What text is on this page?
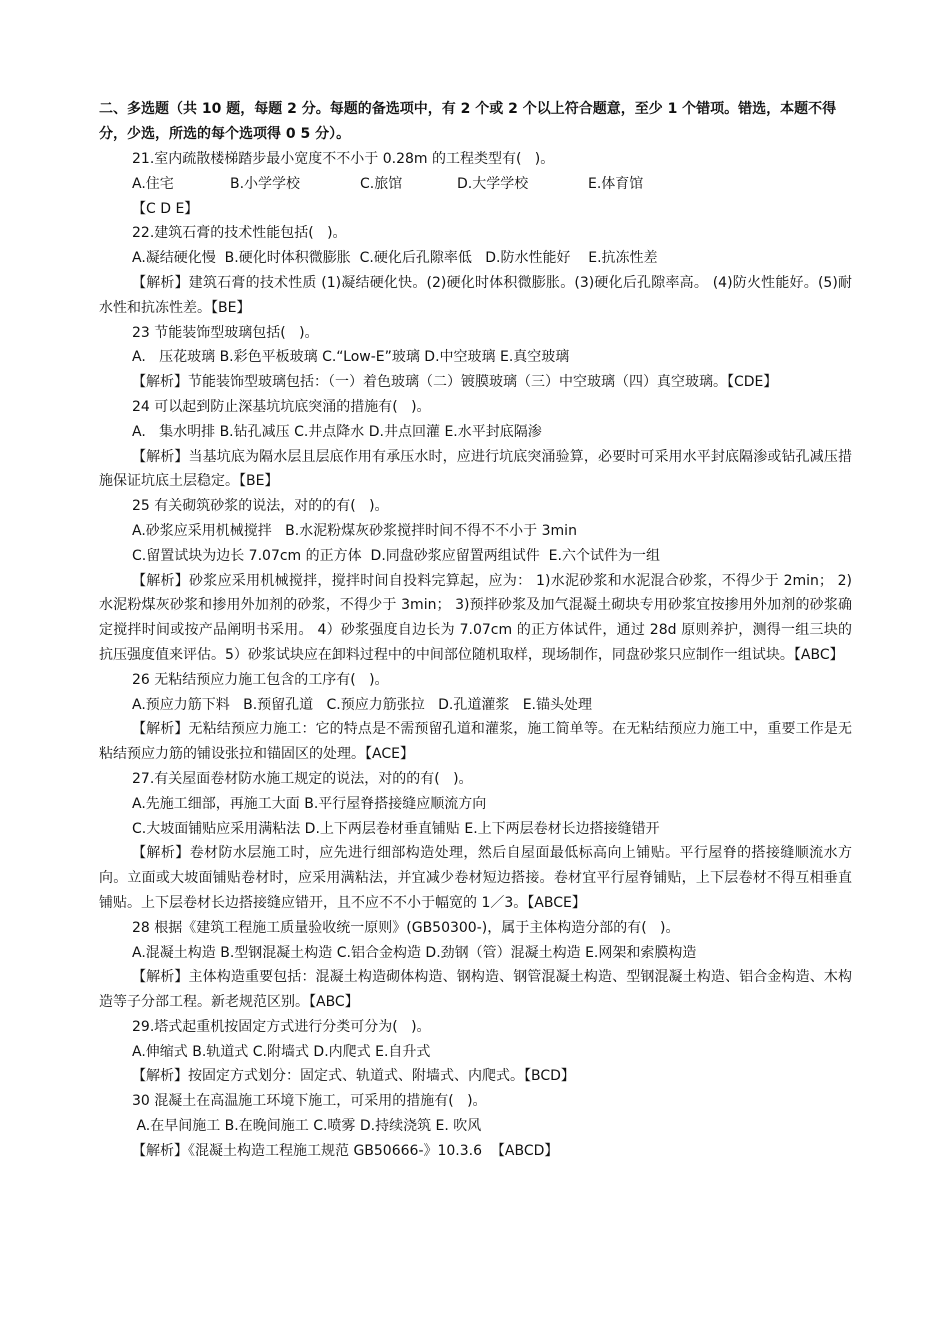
二、多选题（共 10 题，每题 2 分。每题的备选项中，有 2 个或 2 个以上符合题意，至少 1 个错项。错选，本题不得分，少选，所选的每个选项得 0 5 分）。

21.室内疏散楼梯踏步最小宽度不不小于 0.28m 的工程类型有(   )。

A.住宅	B.小学学校	C.旅馆	D.大学学校	E.体育馆

【C D E】

22.建筑石膏的技术性能包括(   )。

A.凝结硬化慢  B.硬化时体积微膨胀  C.硬化后孔隙率低   D.防水性能好    E.抗冻性差

【解析】建筑石膏的技术性质 (1)凝结硬化快。(2)硬化时体积微膨胀。(3)硬化后孔隙率高。 (4)防火性能好。(5)耐水性和抗冻性差。【BE】

23 节能装饰型玻璃包括(   )。

A.   压花玻璃 B.彩色平板玻璃 C.“Low-E”玻璃 D.中空玻璃 E.真空玻璃

【解析】节能装饰型玻璃包括：（一）着色玻璃（二）镀膜玻璃（三）中空玻璃（四）真空玻璃。【CDE】

24 可以起到防止深基坑坑底突涌的措施有(   )。

A.   集水明排 B.钻孔减压 C.井点降水 D.井点回灌 E.水平封底隔渗

【解析】当基坑底为隔水层且层底作用有承压水时，应进行坑底突涌验算，必要时可采用水平封底隔渗或钻孔减压措施保证坑底土层稳定。【BE】

25 有关砌筑砂浆的说法，对的的有(   )。

A.砂浆应采用机械搅拌   B.水泥粉煤灰砂浆搅拌时间不得不不小于 3min

C.留置试块为边长 7.07cm 的正方体  D.同盘砂浆应留置两组试件  E.六个试件为一组

【解析】砂浆应采用机械搅拌，搅拌时间自投料完算起，应为： 1)水泥砂浆和水泥混合砂浆，不得少于 2min； 2)水泥粉煤灰砂浆和掺用外加剂的砂浆，不得少于 3min； 3)预拌砂浆及加气混凝土砌块专用砂浆宜按掺用外加剂的砂浆确定搅拌时间或按产品阐明书采用。 4）砂浆强度自边长为 7.07cm 的正方体试件，通过 28d 原则养护，测得一组三块的抗压强度值来评估。5）砂浆试块应在卸料过程中的中间部位随机取样，现场制作，同盘砂浆只应制作一组试块。【ABC】

26 无粘结预应力施工包含的工序有(   )。

A.预应力筋下料   B.预留孔道   C.预应力筋张拉   D.孔道灌浆   E.锚头处理

【解析】无粘结预应力施工：它的特点是不需预留孔道和灌浆，施工简单等。在无粘结预应力施工中，重要工作是无粘结预应力筋的铺设张拉和锚固区的处理。【ACE】

27.有关屋面卷材防水施工规定的说法，对的的有(   )。

A.先施工细部，再施工大面 B.平行屋脊搭接缝应顺流方向

C.大坡面铺贴应采用满粘法 D.上下两层卷材垂直铺贴 E.上下两层卷材长边搭接缝错开

【解析】卷材防水层施工时，应先进行细部构造处理，然后自屋面最低标高向上铺贴。平行屋脊的搭接缝顺流水方向。立面或大坡面铺贴卷材时，应采用满粘法，并宜减少卷材短边搭接。卷材宜平行屋脊铺贴，上下层卷材不得互相垂直铺贴。上下层卷材长边搭接缝应错开，且不应不不小于幅宽的 1／3。【ABCE】

28 根据《建筑工程施工质量验收统一原则》(GB50300-)，属于主体构造分部的有(   )。

A.混凝土构造 B.型钢混凝土构造 C.铝合金构造 D.劲钢（管）混凝土构造 E.网架和索膜构造

【解析】主体构造重要包括：混凝土构造砌体构造、钢构造、钢管混凝土构造、型钢混凝土构造、铝合金构造、木构造等子分部工程。新老规范区别。【ABC】

29.塔式起重机按固定方式进行分类可分为(   )。

A.伸缩式 B.轨道式 C.附墙式 D.内爬式 E.自升式

【解析】按固定方式划分：固定式、轨道式、附墙式、内爬式。【BCD】

30 混凝土在高温施工环境下施工，可采用的措施有(   )。

A.在早间施工 B.在晚间施工 C.喷雾 D.持续浇筑 E. 吹风

【解析】《混凝土构造工程施工规范 GB50666-》10.3.6  【ABCD】
